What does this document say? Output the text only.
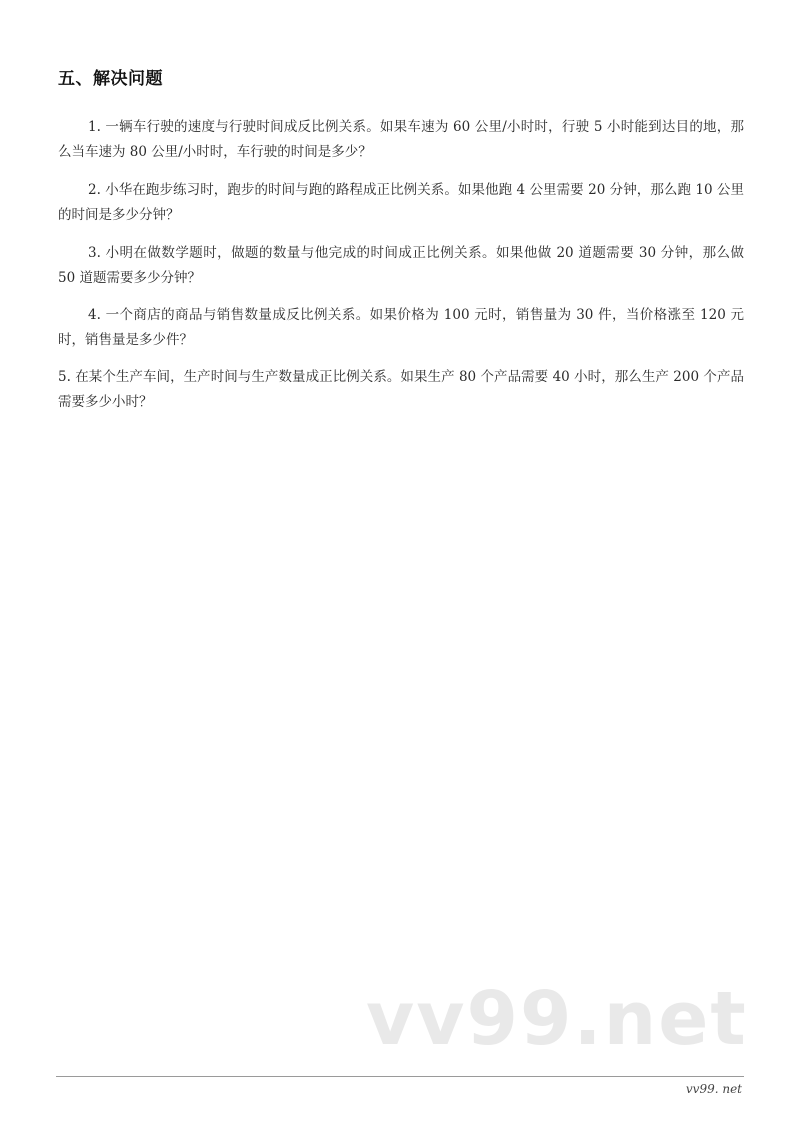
五、解决问题

1. 一辆车行驶的速度与行驶时间成反比例关系。如果车速为 60 公里/小时时，行驶 5 小时能到达目的地，那么当车速为 80 公里/小时时，车行驶的时间是多少？

2. 小华在跑步练习时，跑步的时间与跑的路程成正比例关系。如果他跑 4 公里需要 20 分钟，那么跑 10 公里的时间是多少分钟？

3. 小明在做数学题时，做题的数量与他完成的时间成正比例关系。如果他做 20 道题需要 30 分钟，那么做 50 道题需要多少分钟？

4. 一个商店的商品与销售数量成反比例关系。如果价格为 100 元时，销售量为 30 件，当价格涨至 120 元时，销售量是多少件？

5. 在某个生产车间，生产时间与生产数量成正比例关系。如果生产 80 个产品需要 40 小时，那么生产 200 个产品需要多少小时？

vv99.net
vv99. net
